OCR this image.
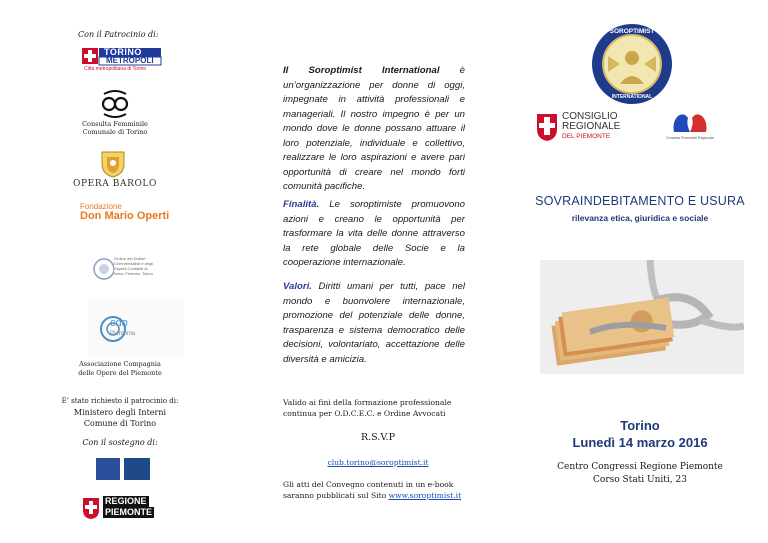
Con il Patrocinio di:
TORINO
METROPOLI
Città metropolitana di Torino
Consulta Femminile
Comunale di Torino
OPERA BAROLO
Fondazione
Don Mario Operti
Ordine dei Dottori Commercialisti e degli Esperti Contabili di Ivrea, Pinerolo, Torino
cdo
Piemonte
Associazione Compagnia
delle Opere del Piemonte
E’ stato richiesto il patrocinio di:
Ministero degli Interni
Comune di Torino
Con il sostegno di:
REGIONE
PIEMONTE
Il Soroptimist International è un’organizzazione per donne di oggi, impegnate in attività professionali e manageriali. Il nostro impegno è per un mondo dove le donne possano attuare il loro potenziale, individuale e collettivo, realizzare le loro aspirazioni e avere pari opportunità di creare nel mondo forti comunità pacifiche.
Finalità. Le soroptimiste promuovono azioni e creano le opportunità per trasformare la vita delle donne attraverso la rete globale delle Socie e la cooperazione internazionale.
Valori. Diritti umani per tutti, pace nel mondo e buonvolere internazionale, promozione del potenziale delle donne, trasparenza e sistema democratico delle decisioni, volontariato, accettazione delle diversità e amicizia.
Valido ai fini della formazione professionale continua per O.D.C.E.C. e Ordine Avvocati
R.S.V.P
club.torino@soroptimist.it
Gli atti del Convegno contenuti in un e-book saranno pubblicati sul Sito www.soroptimist.it
SOROPTIMIST
INTERNATIONAL
CONSIGLIO
REGIONALE
DEL PIEMONTE	Consulta Femminile Regionale
SOVRAINDEBITAMENTO E USURA
rilevanza etica, giuridica e sociale
Torino
Lunedì 14 marzo 2016
Centro Congressi Regione Piemonte
Corso Stati Uniti, 23
